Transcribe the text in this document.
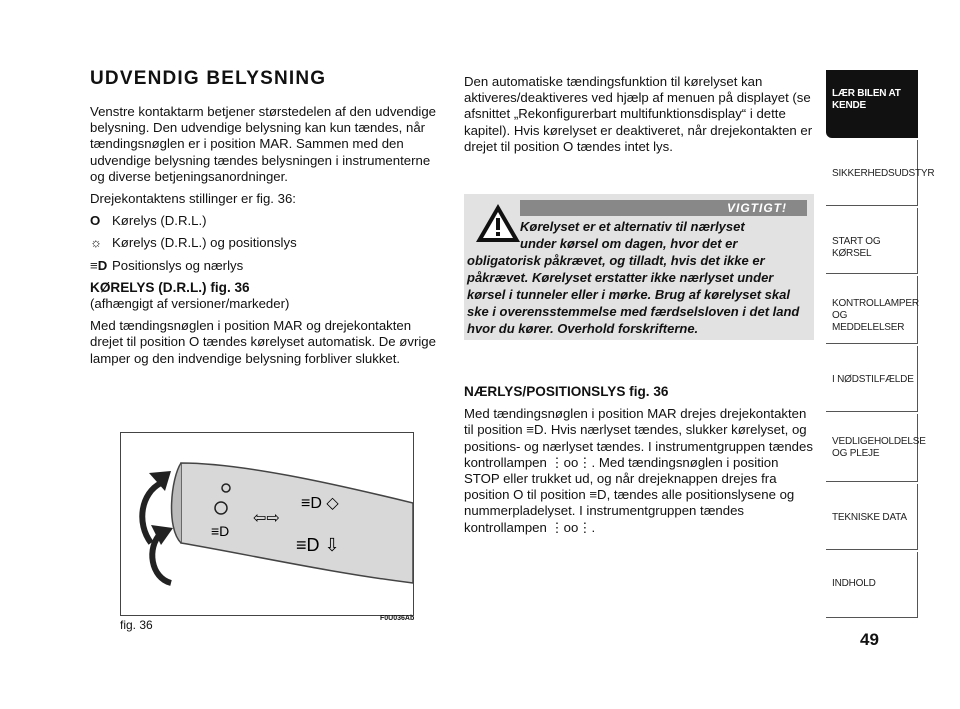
UDVENDIG BELYSNING

Venstre kontaktarm betjener størstedelen af den udvendige belysning. Den udvendige belysning kan kun tændes, når tændingsnøglen er i position MAR. Sammen med den udvendige belysning tændes belysningen i instrumenterne og diverse betjeningsanordninger.

Drejekontaktens stillinger er fig. 36:

O Kørelys (D.R.L.)

☼ Kørelys (D.R.L.) og positionslys

≡D Positionslys og nærlys

KØRELYS (D.R.L.) fig. 36

(afhængigt af versioner/markeder)

Med tændingsnøglen i position MAR og drejekontakten drejet til position O tændes kørelyset automatisk. De øvrige lamper og den indvendige belysning forbliver slukket.

Den automatiske tændingsfunktion til kørelyset kan aktiveres/deaktiveres ved hjælp af menuen på displayet (se afsnittet „Rekonfigurerbart multifunktionsdisplay“ i dette kapitel). Hvis kørelyset er deaktiveret, når drejekontakten er drejet til position O tændes intet lys.

VIGTIGT!
Kørelyset er et alternativ til nærlyset
under kørsel om dagen, hvor det er
obligatorisk påkrævet, og tilladt, hvis det ikke er påkrævet. Kørelyset erstatter ikke nærlyset under kørsel i tunneler eller i mørke. Brug af kørelyset skal ske i overensstemmelse med færdselsloven i det land hvor du kører. Overhold forskrifterne.
NÆRLYS/POSITIONSLYS fig. 36

Med tændingsnøglen i position MAR drejes drejekontakten til position ≡D. Hvis nærlyset tændes, slukker kørelyset, og positions- og nærlyset tændes. I instrumentgruppen tændes kontrollampen ⋮oo⋮. Med tændingsnøglen i position STOP eller trukket ud, og når drejeknappen drejes fra position O til position ≡D, tændes alle positionslysene og nummerpladelyset. I instrumentgruppen tændes kontrollampen ⋮oo⋮.

≡D
⇦⇨
≡D ◇
≡D ⇩
fig. 36	F0U036Ab
LÆR BILEN AT KENDE
SIKKERHEDSUDSTYR
START OG KØRSEL
KONTROLLAMPER OG MEDDELELSER
I NØDSTILFÆLDE
VEDLIGEHOLDELSE OG PLEJE
TEKNISKE DATA
INDHOLD
49
